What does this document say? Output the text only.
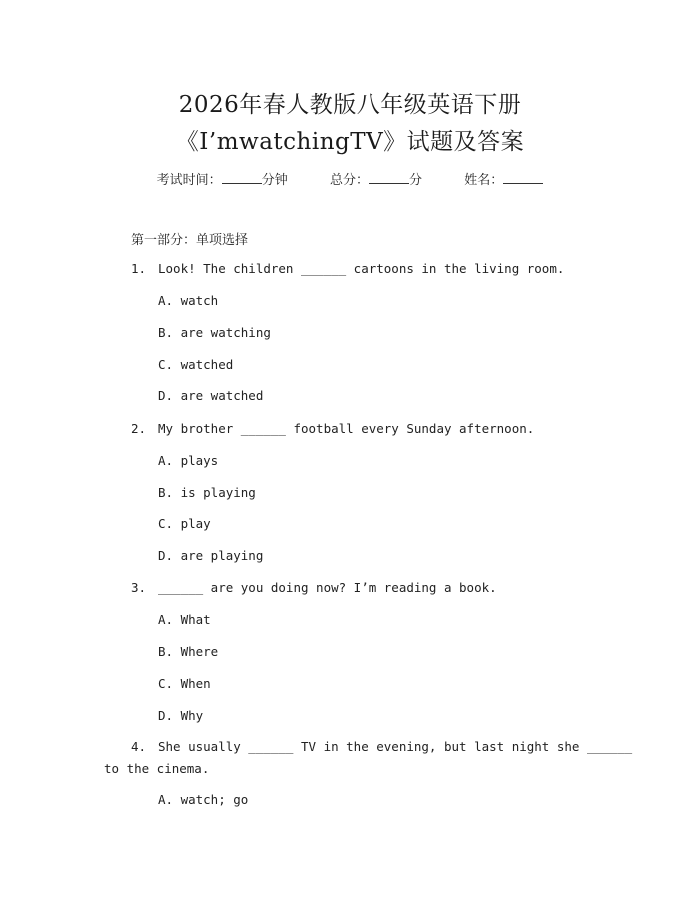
2026年春人教版八年级英语下册
《I’mwatchingTV》试题及答案
考试时间：	分钟	总分：	分	姓名：
第一部分：单项选择
1. Look! The children ______ cartoons in the living room.
A. watch
B. are watching
C. watched
D. are watched
2. My brother ______ football every Sunday afternoon.
A. plays
B. is playing
C. play
D. are playing
3. ______ are you doing now? I’m reading a book.
A. What
B. Where
C. When
D. Why
4. She usually ______ TV in the evening, but last night she ______
to the cinema.
A. watch; go
